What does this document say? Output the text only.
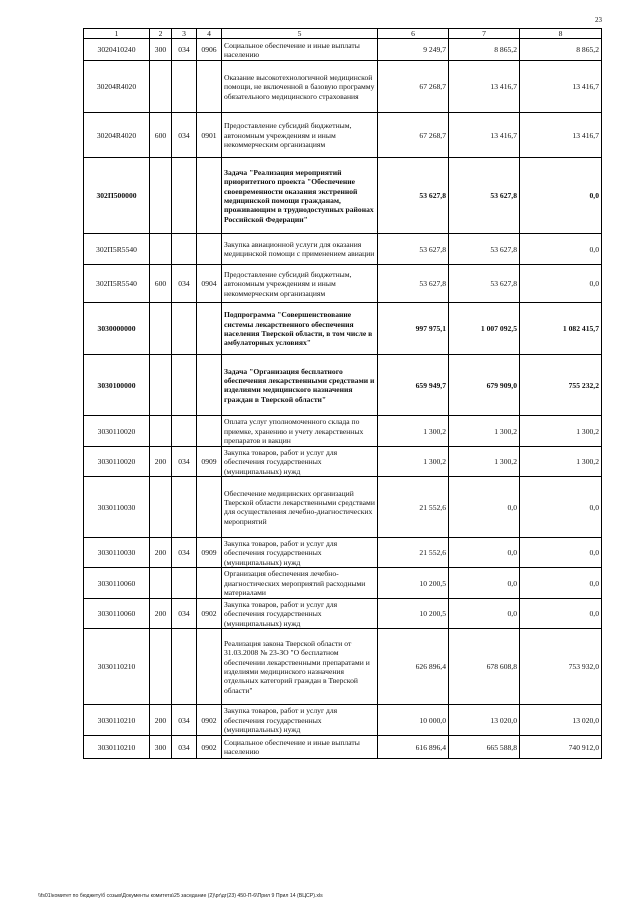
23
1	2	3	4	5	6	7	8
3020410240	300	034	0906	Социальное обеспечение и иные выплаты населению	9 249,7	8 865,2	8 865,2
30204R4020				Оказание высокотехнологичной медицинской помощи, не включенной в базовую программу обязательного медицинского страхования	67 268,7	13 416,7	13 416,7
30204R4020	600	034	0901	Предоставление субсидий бюджетным, автономным учреждениям и иным некоммерческим организациям	67 268,7	13 416,7	13 416,7
302П500000				Задача "Реализация мероприятий приоритетного проекта "Обеспечение своевременности оказания экстренной медицинской помощи гражданам, проживающим в труднодоступных районах Российской Федерации"	53 627,8	53 627,8	0,0
302П5R5540				Закупка авиационной услуги для оказания медицинской помощи с применением авиации	53 627,8	53 627,8	0,0
302П5R5540	600	034	0904	Предоставление субсидий бюджетным, автономным учреждениям и иным некоммерческим организациям	53 627,8	53 627,8	0,0
3030000000				Подпрограмма "Совершенствование системы лекарственного обеспечения населения Тверской области, в том числе в амбулаторных условиях"	997 975,1	1 007 092,5	1 082 415,7
3030100000				Задача "Организация бесплатного обеспечения лекарственными средствами и изделиями медицинского назначения граждан в Тверской области"	659 949,7	679 909,0	755 232,2
3030110020				Оплата услуг уполномоченного склада по приемке, хранению и учету лекарственных препаратов и вакцин	1 300,2	1 300,2	1 300,2
3030110020	200	034	0909	Закупка товаров, работ и услуг для обеспечения государственных (муниципальных) нужд	1 300,2	1 300,2	1 300,2
3030110030				Обеспечение медицинских организаций Тверской области лекарственными средствами для осуществления лечебно-диагностических мероприятий	21 552,6	0,0	0,0
3030110030	200	034	0909	Закупка товаров, работ и услуг для обеспечения государственных (муниципальных) нужд	21 552,6	0,0	0,0
3030110060				Организация обеспечения лечебно-диагностических мероприятий расходными материалами	10 200,5	0,0	0,0
3030110060	200	034	0902	Закупка товаров, работ и услуг для обеспечения государственных (муниципальных) нужд	10 200,5	0,0	0,0
3030110210				Реализация закона Тверской области от 31.03.2008 № 23-ЗО "О бесплатном обеспечении лекарственными препаратами и изделиями медицинского назначения отдельных категорий граждан в Тверской области"	626 896,4	678 608,8	753 932,0
3030110210	200	034	0902	Закупка товаров, работ и услуг для обеспечения государственных (муниципальных) нужд	10 000,0	13 020,0	13 020,0
3030110210	300	034	0902	Социальное обеспечение и иные выплаты населению	616 896,4	665 588,8	740 912,0
\\fs01\комитет по бюджету\б созыв\Документы комитета\25 заседание (2)\рг\дг(23) 450-П-6\Прил 9 Прил 14 (ВЦСР).xls
